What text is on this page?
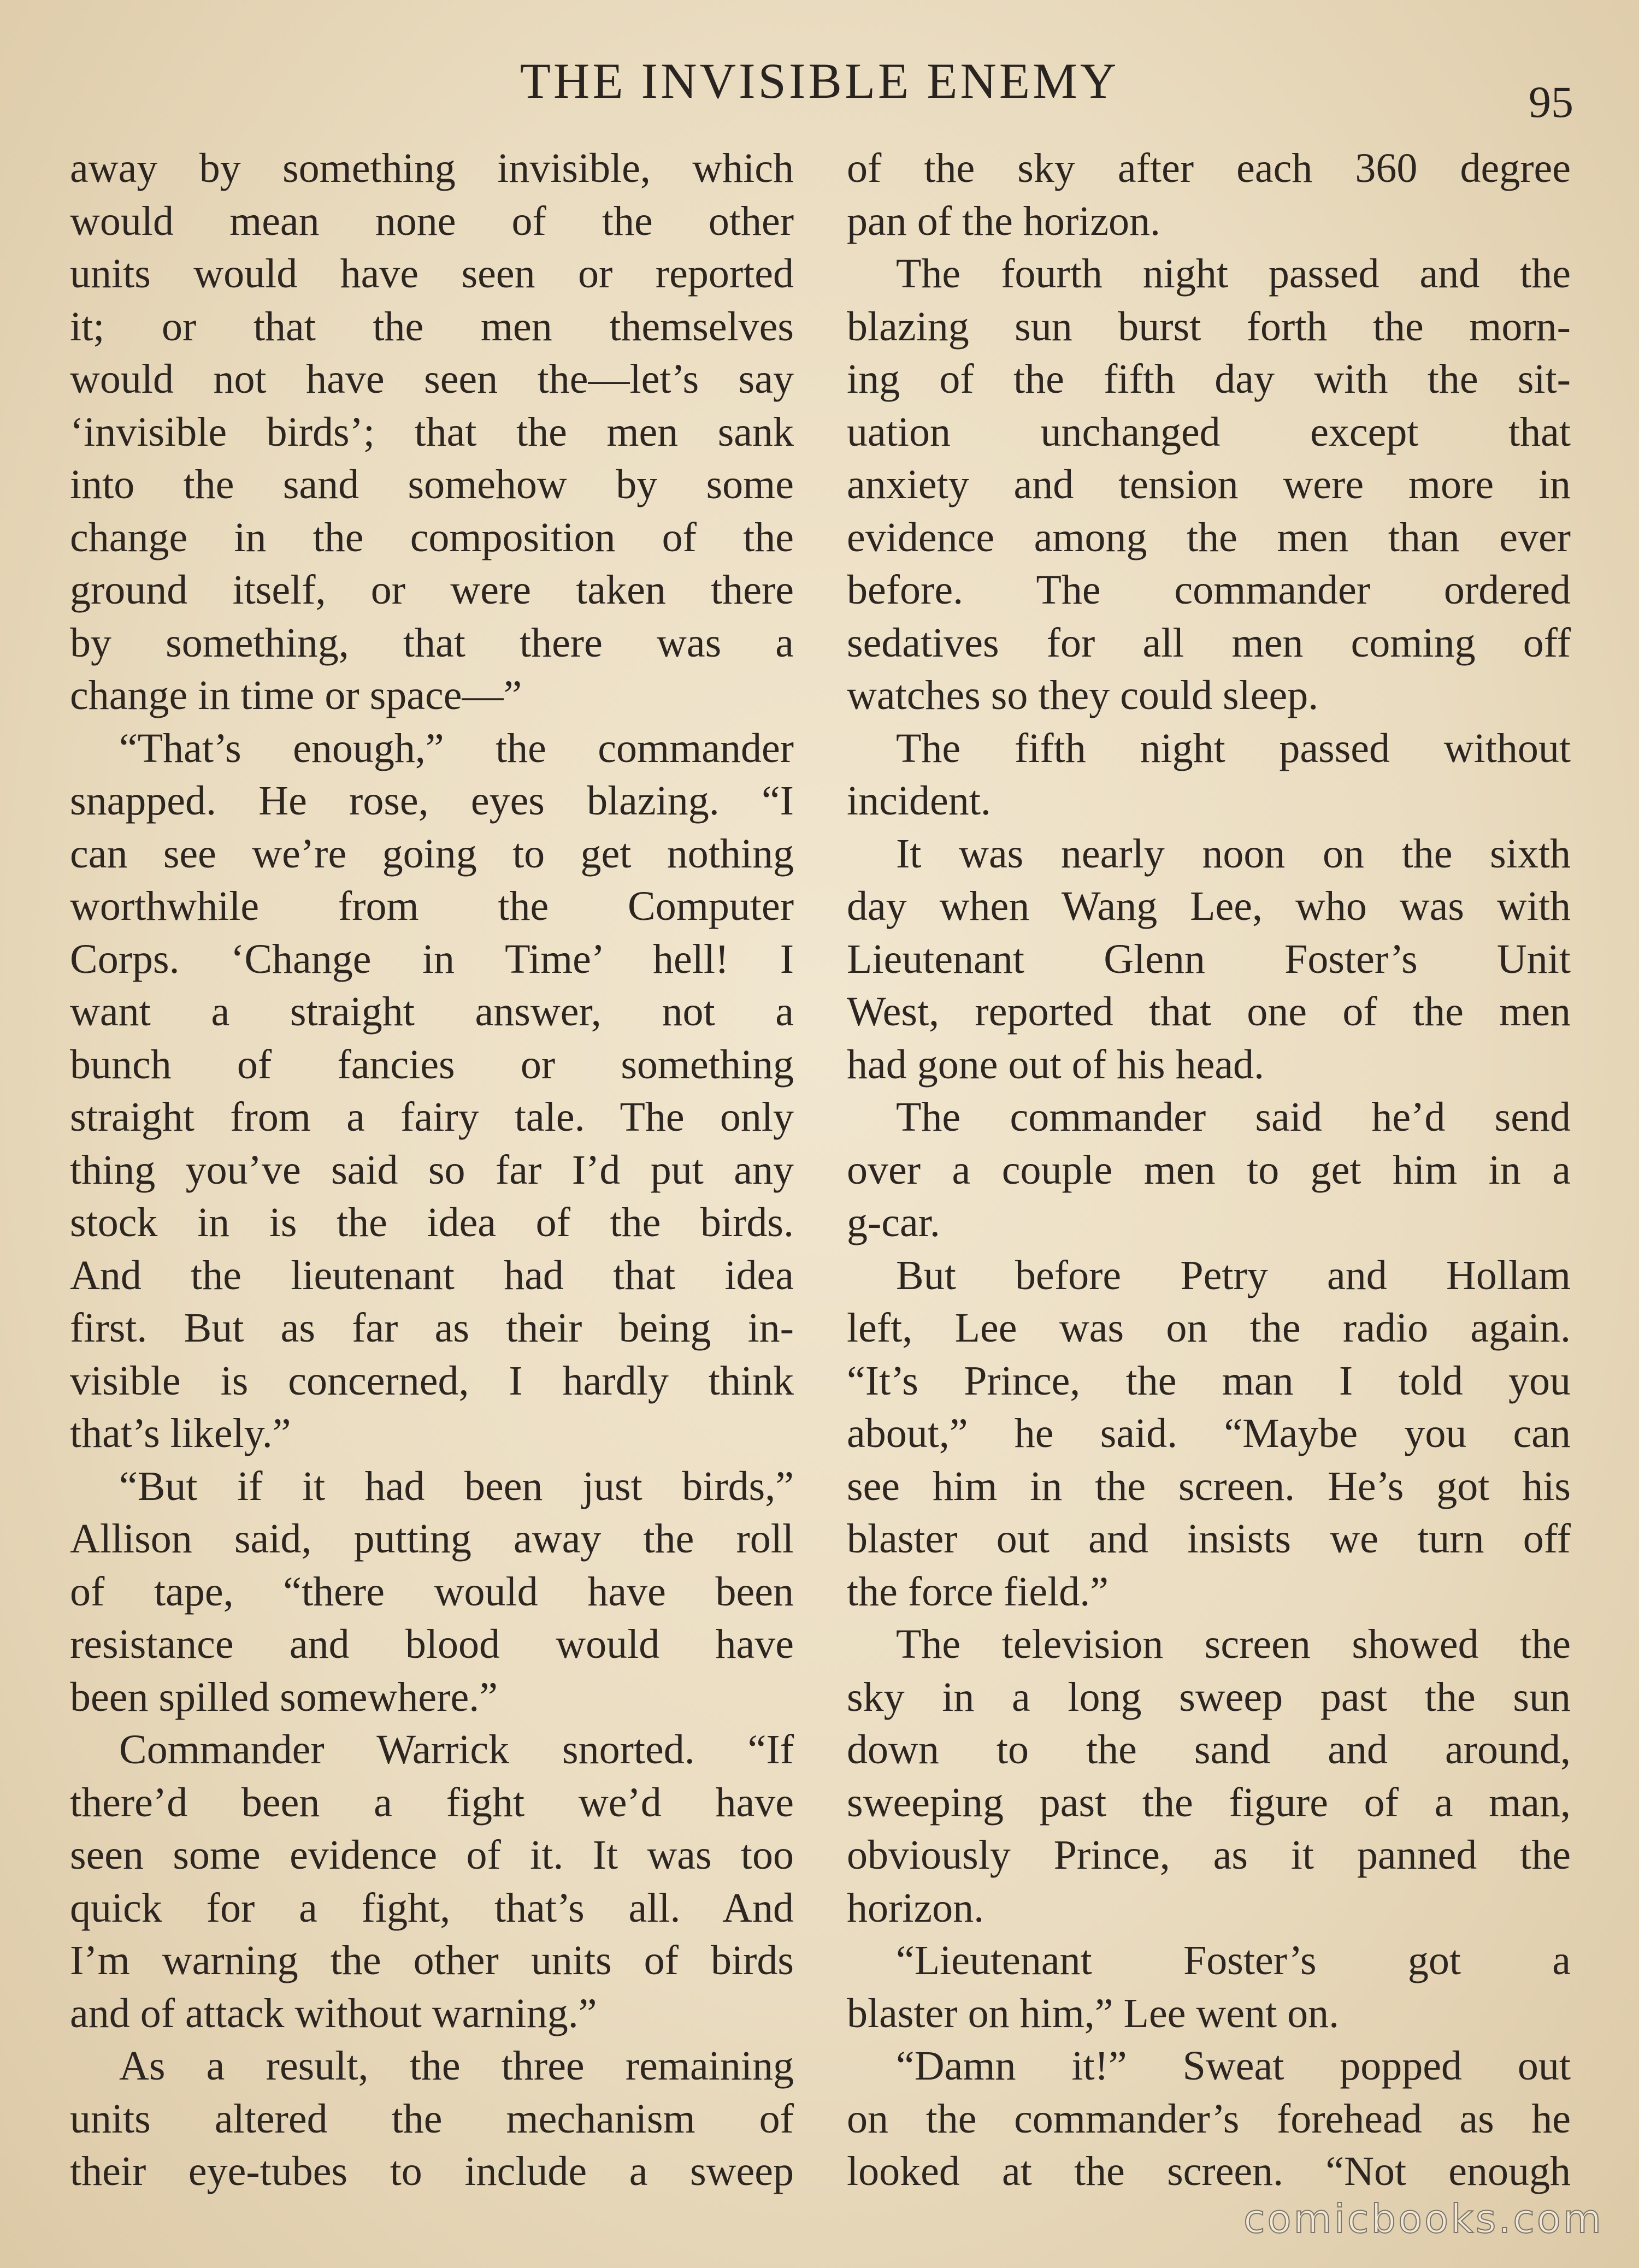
THE INVISIBLE ENEMY	95
away by something invisible, which
would mean none of the other
units would have seen or reported
it; or that the men themselves
would not have seen the—let’s say
‘invisible birds’; that the men sank
into the sand somehow by some
change in the composition of the
ground itself, or were taken there
by something, that there was a
change in time or space—”
“That’s enough,” the commander
snapped. He rose, eyes blazing. “I
can see we’re going to get nothing
worthwhile from the Computer
Corps. ‘Change in Time’ hell! I
want a straight answer, not a
bunch of fancies or something
straight from a fairy tale. The only
thing you’ve said so far I’d put any
stock in is the idea of the birds.
And the lieutenant had that idea
first. But as far as their being in-
visible is concerned, I hardly think
that’s likely.”
“But if it had been just birds,”
Allison said, putting away the roll
of tape, “there would have been
resistance and blood would have
been spilled somewhere.”
Commander Warrick snorted. “If
there’d been a fight we’d have
seen some evidence of it. It was too
quick for a fight, that’s all. And
I’m warning the other units of birds
and of attack without warning.”
As a result, the three remaining
units altered the mechanism of
their eye-tubes to include a sweep
of the sky after each 360 degree
pan of the horizon.
The fourth night passed and the
blazing sun burst forth the morn-
ing of the fifth day with the sit-
uation unchanged except that
anxiety and tension were more in
evidence among the men than ever
before. The commander ordered
sedatives for all men coming off
watches so they could sleep.
The fifth night passed without
incident.
It was nearly noon on the sixth
day when Wang Lee, who was with
Lieutenant Glenn Foster’s Unit
West, reported that one of the men
had gone out of his head.
The commander said he’d send
over a couple men to get him in a
g-car.
But before Petry and Hollam
left, Lee was on the radio again.
“It’s Prince, the man I told you
about,” he said. “Maybe you can
see him in the screen. He’s got his
blaster out and insists we turn off
the force field.”
The television screen showed the
sky in a long sweep past the sun
down to the sand and around,
sweeping past the figure of a man,
obviously Prince, as it panned the
horizon.
“Lieutenant Foster’s got a
blaster on him,” Lee went on.
“Damn it!” Sweat popped out
on the commander’s forehead as he
looked at the screen. “Not enough
comicbooks.com
